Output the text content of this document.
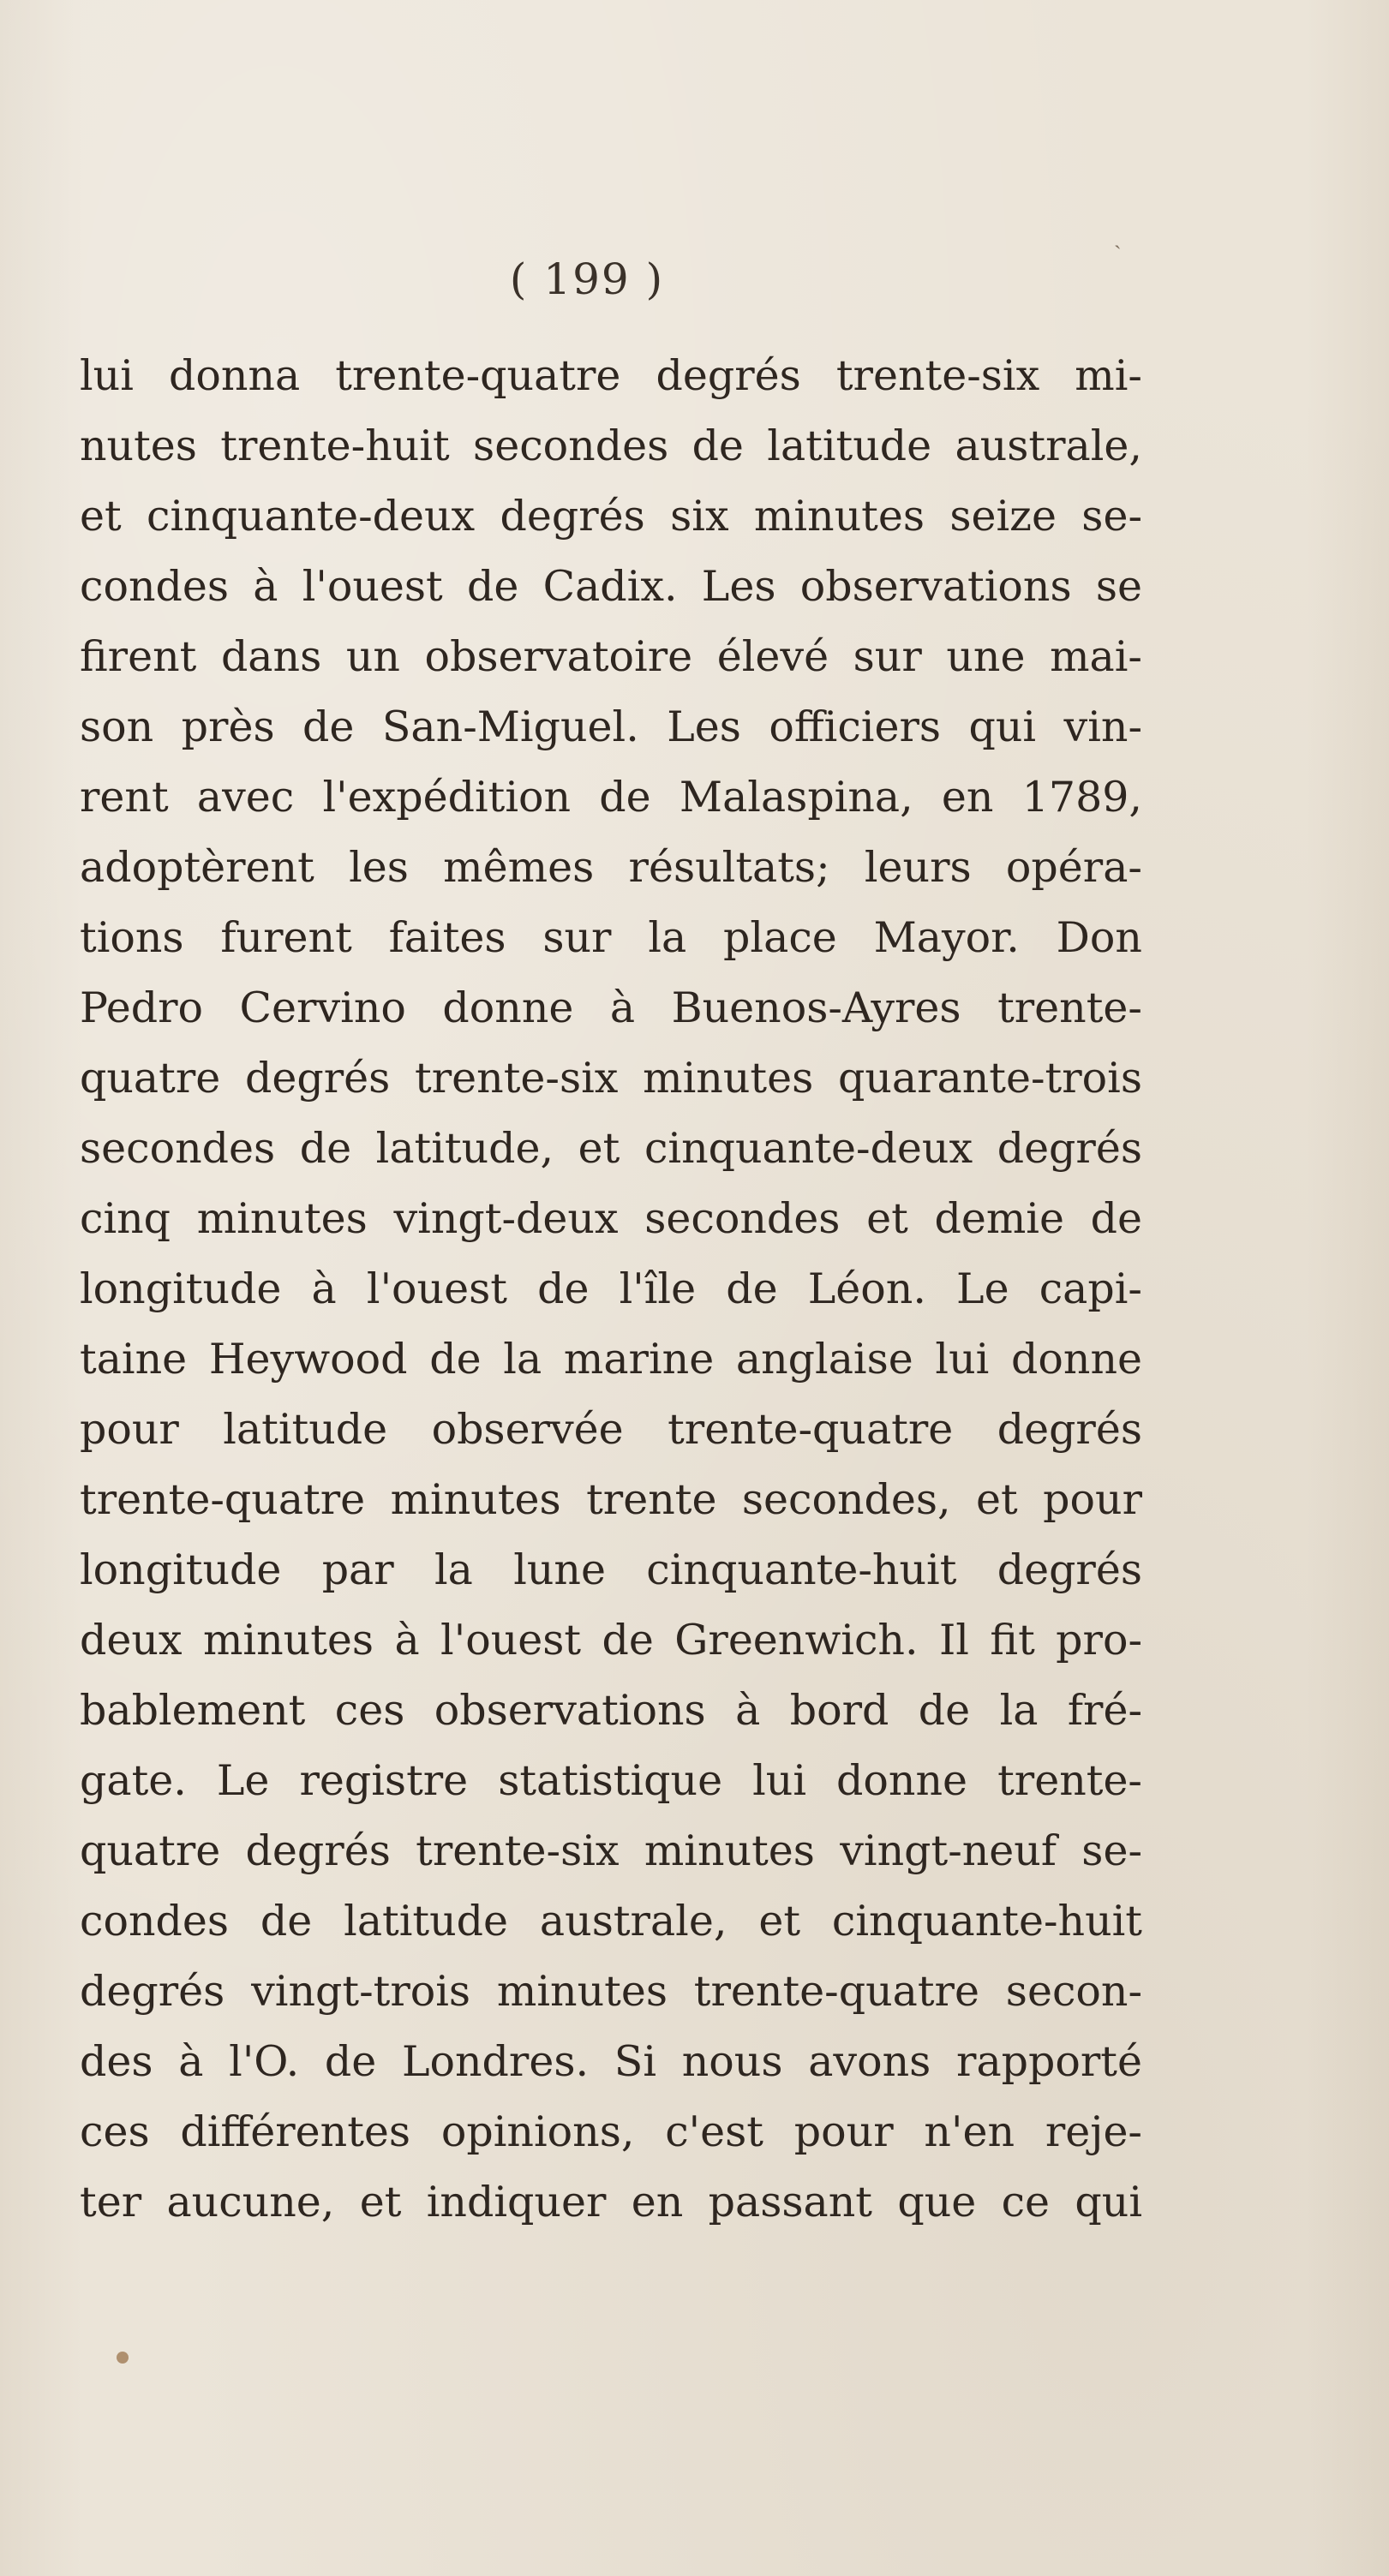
ˏ
( 199 )
lui donna trente-quatre degrés trente-six mi-
nutes trente-huit secondes de latitude australe,
et cinquante-deux degrés six minutes seize se-
condes à l'ouest de Cadix. Les observations se
firent dans un observatoire élevé sur une mai-
son près de San-Miguel. Les officiers qui vin-
rent avec l'expédition de Malaspina, en 1789,
adoptèrent les mêmes résultats; leurs opéra-
tions furent faites sur la place Mayor. Don
Pedro Cervino donne à Buenos-Ayres trente-
quatre degrés trente-six minutes quarante-trois
secondes de latitude, et cinquante-deux degrés
cinq minutes vingt-deux secondes et demie de
longitude à l'ouest de l'île de Léon. Le capi-
taine Heywood de la marine anglaise lui donne
pour latitude observée trente-quatre degrés
trente-quatre minutes trente secondes, et pour
longitude par la lune cinquante-huit degrés
deux minutes à l'ouest de Greenwich. Il fit pro-
bablement ces observations à bord de la fré-
gate. Le registre statistique lui donne trente-
quatre degrés trente-six minutes vingt-neuf se-
condes de latitude australe, et cinquante-huit
degrés vingt-trois minutes trente-quatre secon-
des à l'O. de Londres. Si nous avons rapporté
ces différentes opinions, c'est pour n'en reje-
ter aucune, et indiquer en passant que ce qui
